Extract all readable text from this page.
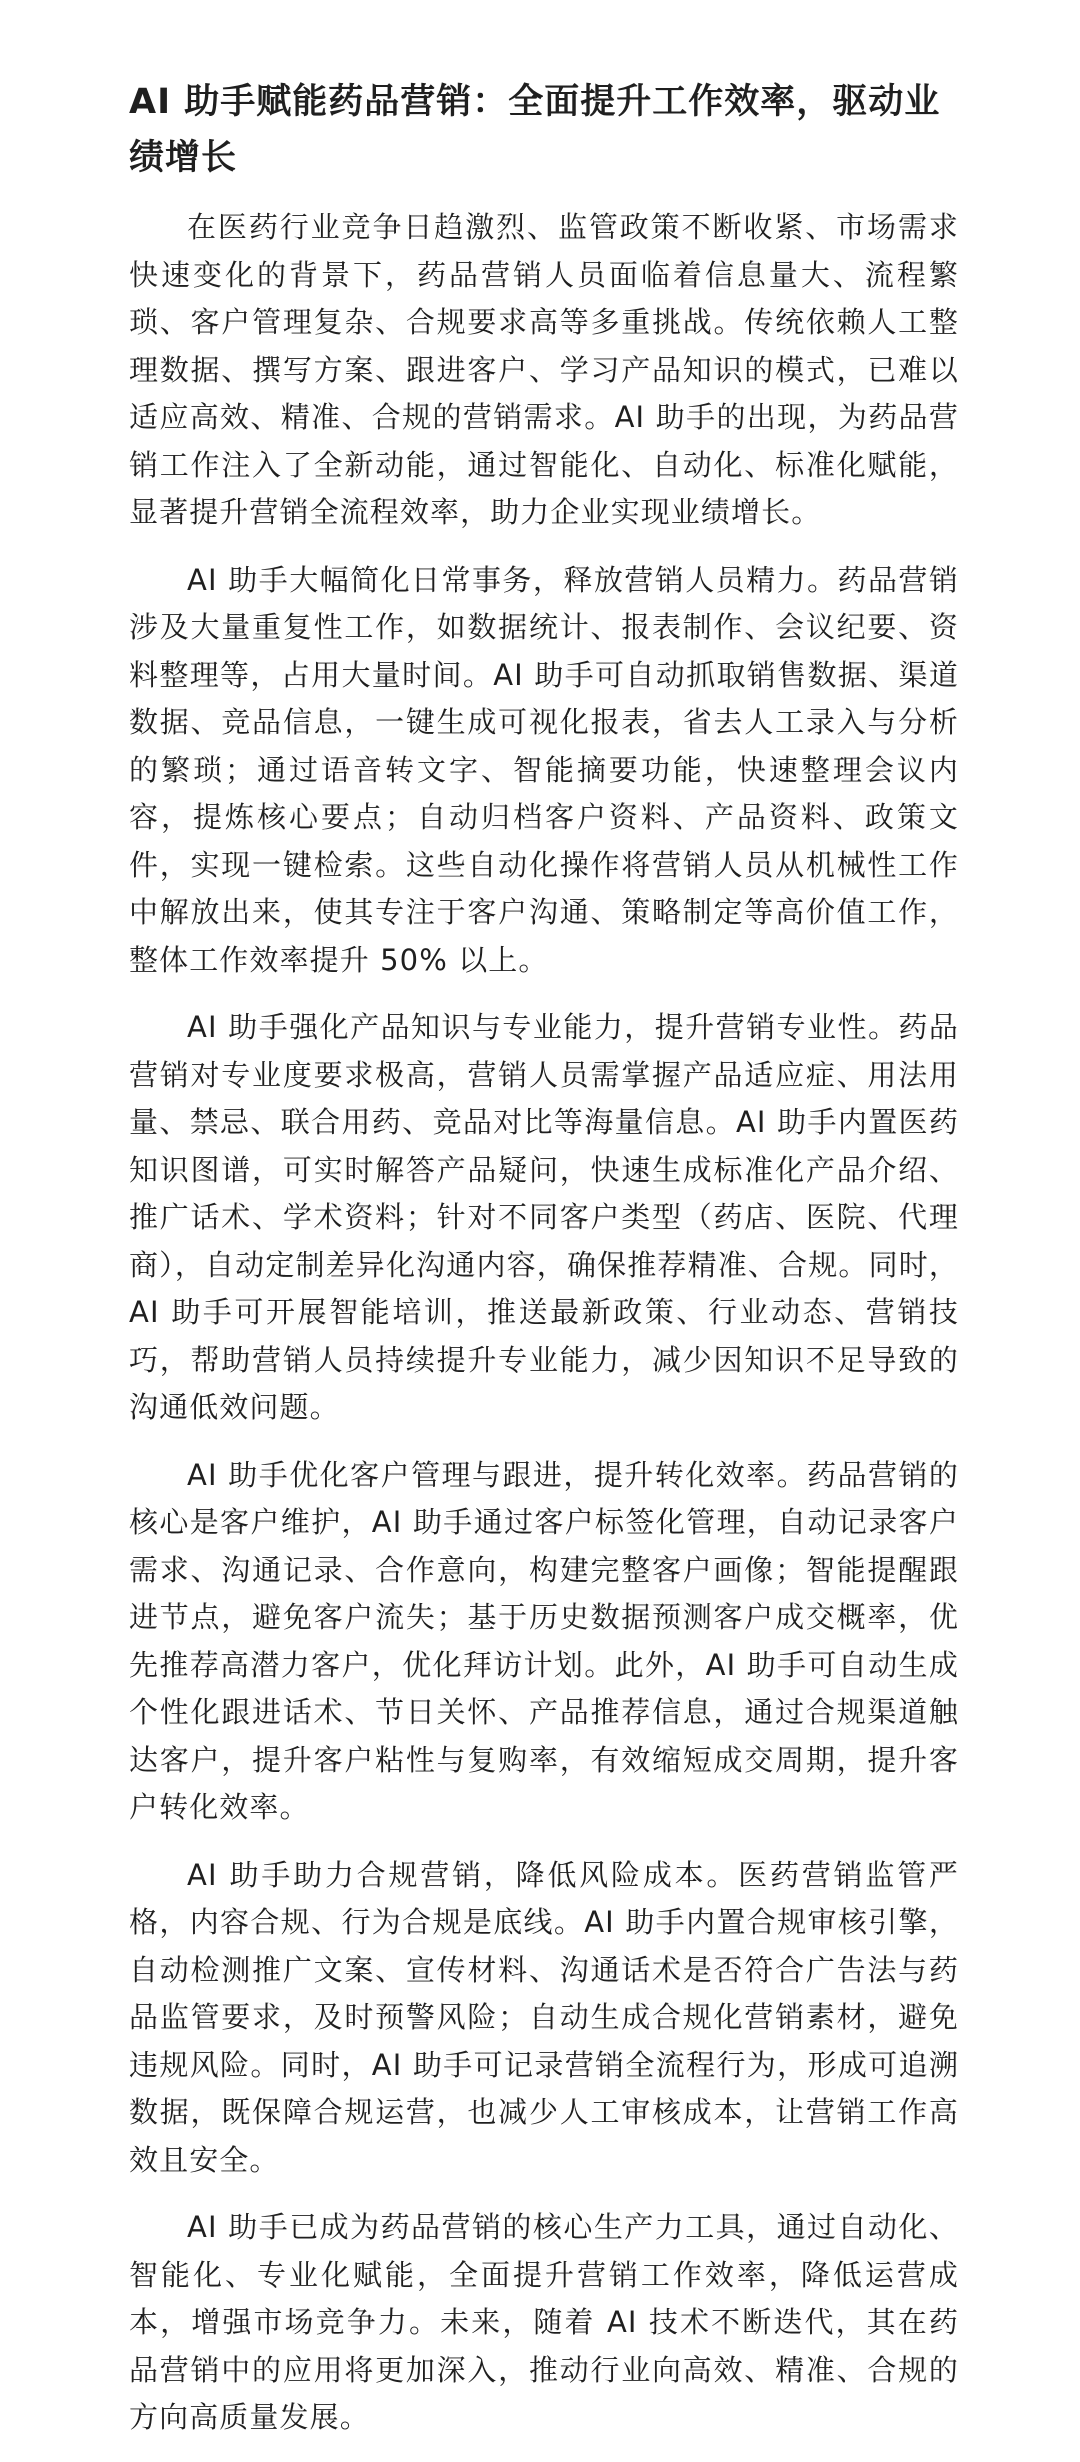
AI 助手赋能药品营销：全面提升工作效率，驱动业绩增长

在医药行业竞争日趋激烈、监管政策不断收紧、市场需求快速变化的背景下，药品营销人员面临着信息量大、流程繁琐、客户管理复杂、合规要求高等多重挑战。传统依赖人工整理数据、撰写方案、跟进客户、学习产品知识的模式，已难以适应高效、精准、合规的营销需求。AI 助手的出现，为药品营销工作注入了全新动能，通过智能化、自动化、标准化赋能，显著提升营销全流程效率，助力企业实现业绩增长。

AI 助手大幅简化日常事务，释放营销人员精力。药品营销涉及大量重复性工作，如数据统计、报表制作、会议纪要、资料整理等，占用大量时间。AI 助手可自动抓取销售数据、渠道数据、竞品信息，一键生成可视化报表，省去人工录入与分析的繁琐；通过语音转文字、智能摘要功能，快速整理会议内容，提炼核心要点；自动归档客户资料、产品资料、政策文件，实现一键检索。这些自动化操作将营销人员从机械性工作中解放出来，使其专注于客户沟通、策略制定等高价值工作，整体工作效率提升 50% 以上。

AI 助手强化产品知识与专业能力，提升营销专业性。药品营销对专业度要求极高，营销人员需掌握产品适应症、用法用量、禁忌、联合用药、竞品对比等海量信息。AI 助手内置医药知识图谱，可实时解答产品疑问，快速生成标准化产品介绍、推广话术、学术资料；针对不同客户类型（药店、医院、代理商），自动定制差异化沟通内容，确保推荐精准、合规。同时，AI 助手可开展智能培训，推送最新政策、行业动态、营销技巧，帮助营销人员持续提升专业能力，减少因知识不足导致的沟通低效问题。

AI 助手优化客户管理与跟进，提升转化效率。药品营销的核心是客户维护，AI 助手通过客户标签化管理，自动记录客户需求、沟通记录、合作意向，构建完整客户画像；智能提醒跟进节点，避免客户流失；基于历史数据预测客户成交概率，优先推荐高潜力客户，优化拜访计划。此外，AI 助手可自动生成个性化跟进话术、节日关怀、产品推荐信息，通过合规渠道触达客户，提升客户粘性与复购率，有效缩短成交周期，提升客户转化效率。

AI 助手助力合规营销，降低风险成本。医药营销监管严格，内容合规、行为合规是底线。AI 助手内置合规审核引擎，自动检测推广文案、宣传材料、沟通话术是否符合广告法与药品监管要求，及时预警风险；自动生成合规化营销素材，避免违规风险。同时，AI 助手可记录营销全流程行为，形成可追溯数据，既保障合规运营，也减少人工审核成本，让营销工作高效且安全。

AI 助手已成为药品营销的核心生产力工具，通过自动化、智能化、专业化赋能，全面提升营销工作效率，降低运营成本，增强市场竞争力。未来，随着 AI 技术不断迭代，其在药品营销中的应用将更加深入，推动行业向高效、精准、合规的方向高质量发展。
